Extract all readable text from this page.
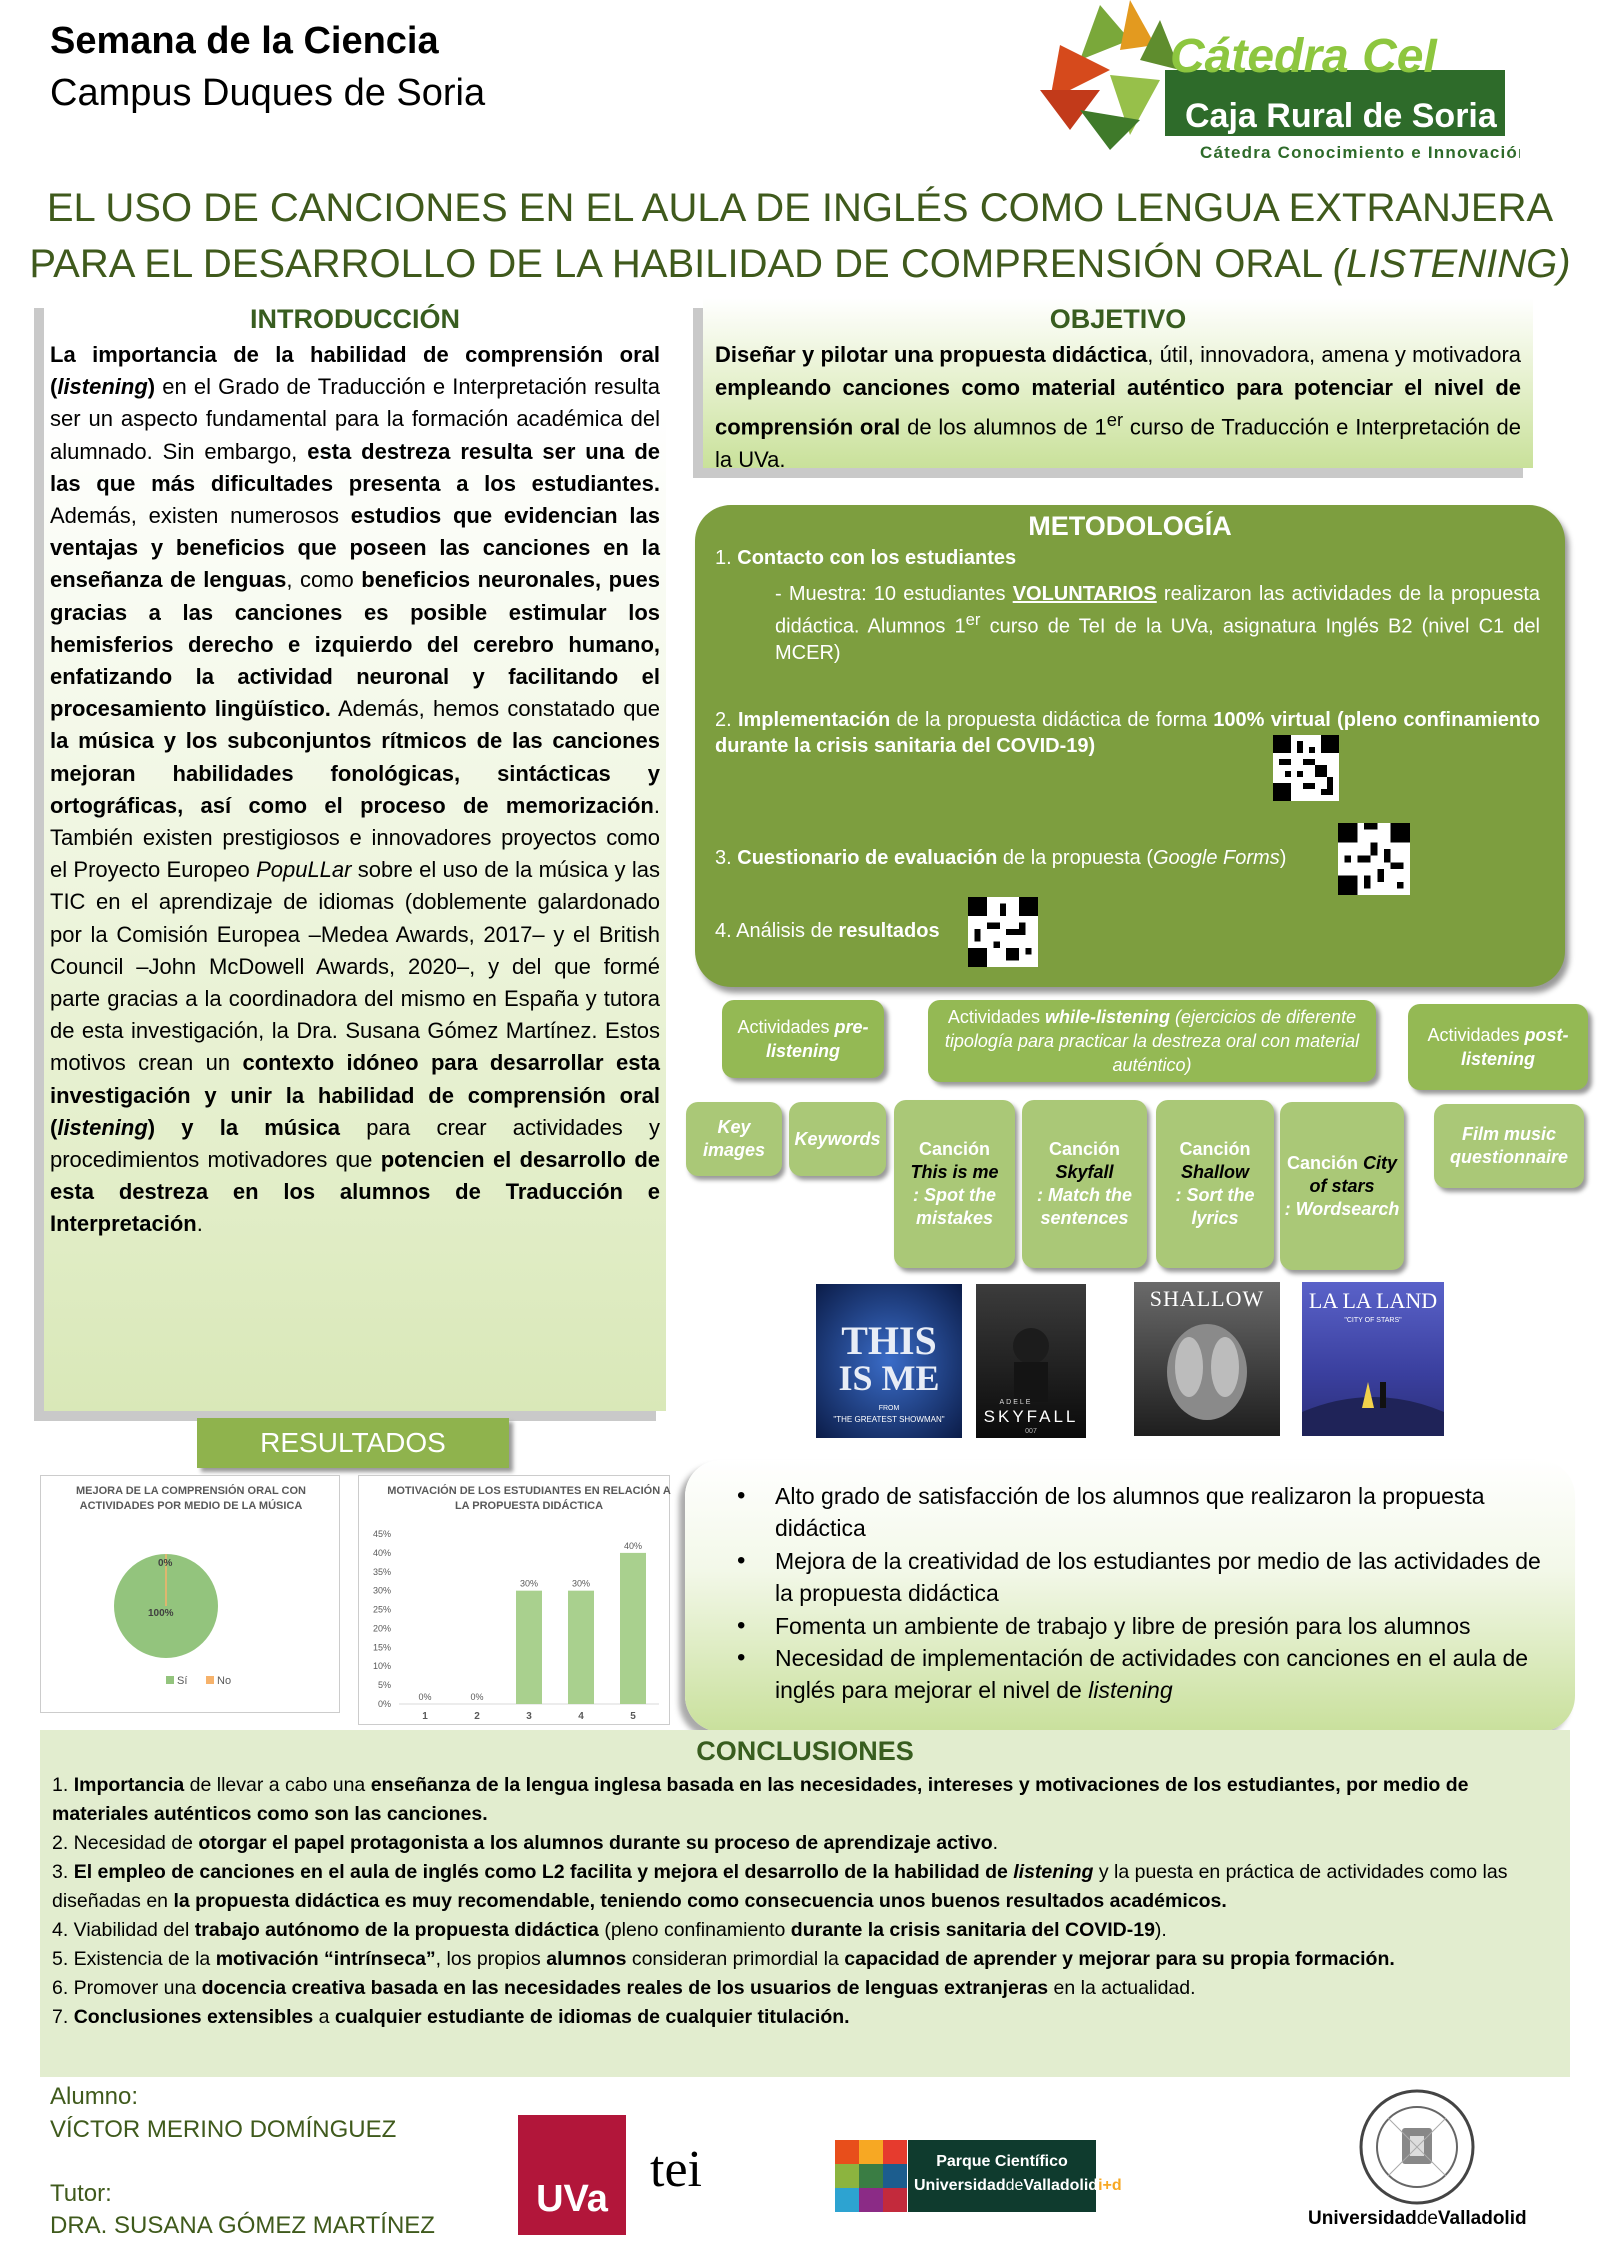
Semana de la Ciencia
Campus Duques de Soria
Cátedra CeI
Caja Rural de Soria
Cátedra Conocimiento e Innovación
EL USO DE CANCIONES EN EL AULA DE INGLÉS COMO LENGUA EXTRANJERA
PARA EL DESARROLLO DE LA HABILIDAD DE COMPRENSIÓN ORAL (LISTENING)
INTRODUCCIÓN
La importancia de la habilidad de comprensión oral (listening) en el Grado de Traducción e Interpretación resulta ser un aspecto fundamental para la formación académica del alumnado. Sin embargo, esta destreza resulta ser una de las que más dificultades presenta a los estudiantes. Además, existen numerosos estudios que evidencian las ventajas y beneficios que poseen las canciones en la enseñanza de lenguas, como beneficios neuronales, pues gracias a las canciones es posible estimular los hemisferios derecho e izquierdo del cerebro humano, enfatizando la actividad neuronal y facilitando el procesamiento lingüístico. Además, hemos constatado que la música y los subconjuntos rítmicos de las canciones mejoran habilidades fonológicas, sintácticas y ortográficas, así como el proceso de memorización. También existen prestigiosos e innovadores proyectos como el Proyecto Europeo PopuLLar sobre el uso de la música y las TIC en el aprendizaje de idiomas (doblemente galardonado por la Comisión Europea –Medea Awards, 2017– y el British Council –John McDowell Awards, 2020–, y del que formé parte gracias a la coordinadora del mismo en España y tutora de esta investigación, la Dra. Susana Gómez Martínez. Estos motivos crean un contexto idóneo para desarrollar esta investigación y unir la habilidad de comprensión oral (listening) y la música para crear actividades y procedimientos motivadores que potencien el desarrollo de esta destreza en los alumnos de Traducción e Interpretación.
OBJETIVO
Diseñar y pilotar una propuesta didáctica, útil, innovadora, amena y motivadora empleando canciones como material auténtico para potenciar el nivel de comprensión oral de los alumnos de 1er curso de Traducción e Interpretación de la UVa.
METODOLOGÍA
1. Contacto con los estudiantes
- Muestra: 10 estudiantes VOLUNTARIOS realizaron las actividades de la propuesta didáctica. Alumnos 1er curso de TeI de la UVa, asignatura Inglés B2 (nivel C1 del MCER)
2. Implementación de la propuesta didáctica de forma 100% virtual (pleno confinamiento durante la crisis sanitaria del COVID-19)
3. Cuestionario de evaluación de la propuesta (Google Forms)
4. Análisis de resultados
Actividades pre-listening
Actividades while-listening (ejercicios de diferente tipología para practicar la destreza oral con material auténtico)
Actividades post-listening
Key images
Keywords
Canción
This is me
: Spot the mistakes
Canción
Skyfall
: Match the sentences
Canción
Shallow
: Sort the lyrics
Canción City of stars
: Wordsearch
Film music questionnaire
THIS
IS ME
FROM
"THE GREATEST SHOWMAN"
ADELE
SKYFALL
007
SHALLOW LA LA LAND
"CITY OF STARS"
RESULTADOS
MEJORA DE LA COMPRENSIÓN ORAL CON
ACTIVIDADES POR MEDIO DE LA MÚSICA
100%
0%
Sí	No
MOTIVACIÓN DE LOS ESTUDIANTES EN RELACIÓN A
LA PROPUESTA DIDÁCTICA
0%
5%
10%
15%
20%
25%
30%
35%
40%
45%
0%
1
0%
2
30%
3
30%
4
40%
5
• Alto grado de satisfacción de los alumnos que realizaron la propuesta didáctica
• Mejora de la creatividad de los estudiantes por medio de las actividades de la propuesta didáctica
• Fomenta un ambiente de trabajo y libre de presión para los alumnos
• Necesidad de implementación de actividades con canciones en el aula de inglés para mejorar el nivel de listening
CONCLUSIONES
1. Importancia de llevar a cabo una enseñanza de la lengua inglesa basada en las necesidades, intereses y motivaciones de los estudiantes, por medio de materiales auténticos como son las canciones.
2. Necesidad de otorgar el papel protagonista a los alumnos durante su proceso de aprendizaje activo.
3. El empleo de canciones en el aula de inglés como L2 facilita y mejora el desarrollo de la habilidad de listening y la puesta en práctica de actividades como las diseñadas en la propuesta didáctica es muy recomendable, teniendo como consecuencia unos buenos resultados académicos.
4. Viabilidad del trabajo autónomo de la propuesta didáctica (pleno confinamiento durante la crisis sanitaria del COVID-19).
5. Existencia de la motivación “intrínseca”, los propios alumnos consideran primordial la capacidad de aprender y mejorar para su propia formación.
6. Promover una docencia creativa basada en las necesidades reales de los usuarios de lenguas extranjeras en la actualidad.
7. Conclusiones extensibles a cualquier estudiante de idiomas de cualquier titulación.
Alumno:
VÍCTOR MERINO DOMÍNGUEZ
Tutor:
DRA. SUSANA GÓMEZ MARTÍNEZ
UVa
tei	Parque Científico
UniversidaddeValladolidi+d
UniversidaddeValladolid
